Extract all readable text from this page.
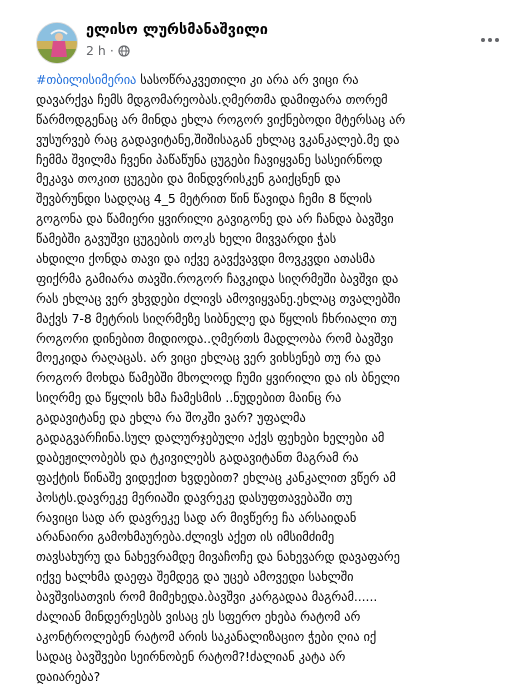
ელისო ლურსმანაშვილი
2 h ·
#თბილისიმერია სასოწრაკვეთილი კი არა არ ვიცი რა
დავარქვა ჩემს მდგომარეობას.ღმერთმა დამიფარა თორემ
წარმოდგენაც არ მინდა ეხლა როგორ ვიქნებოდი მტერსაც არ
ვუსურვებ რაც გადავიტანე,შიშისაგან ეხლაც ვკანკალებ.მე და
ჩემმა შვილმა ჩვენი პაწაწუნა ცუგები ჩავიყვანე სასეირნოდ
მეკავა თოკით ცუგები და მინდვრისკენ გაიქცნენ და
შევბრუნდი სადღაც 4_5 მეტრით წინ წავიდა ჩემი 8 წლის
გოგონა და წამიერი ყვირილი გავიგონე და არ ჩანდა ბავშვი
წამებში გავუშვი ცუგების თოკს ხელი მივვარდი ჭას
ახდილი ქონდა თავი და იქვე გავქვავდი მოვკვდი ათასმა
ფიქრმა გამიარა თავში.როგორ ჩავკიდა სიღრმეში ბავშვი და
რას ეხლაც ვერ ვხვდები ძლივს ამოვიყვანე.ეხლაც თვალებში
მაქვს 7-8 მეტრის სიღრმეზე სიბნელე და წყლის ჩხრიალი თუ
როგორი დინებით მიდიოდა..ღმერთს მადლობა რომ ბავშვი
მოეკიდა რაღაცას. არ ვიცი ეხლაც ვერ ვიხსენებ თუ რა და
როგორ მოხდა წამებში მხოლოდ ჩუმი ყვირილი და ის ბნელი
სიღრმე და წყლის ხმა ჩამესმის ..ნუდებით მაინც რა
გადავიტანე და ეხლა რა შოკში ვარ? უფალმა
გადაგვარჩინა.სულ დალურჯებული აქვს ფეხები ხელები ამ
დაბეჟილობებს და ტკივილებს გადავიტანთ მაგრამ რა
ფაქტის წინაშე ვიდექით ხვდებით? ეხლაც კანკალით ვწერ ამ
პოსტს.დავრეკე მერიაში დავრეკე დასუფთავებაში თუ
რავიცი სად არ დავრეკე სად არ მივწერე ჩა არსაიდან
არანაირი გამოხმაურება.ძლივს აქეთ ის იმსიმძიმე
თავსახურუ და ნახევრამდე მივაჩოჩე და ნახევარდ დავაფარე
იქვე ხალხმა დაეფა შემდეგ და უცებ ამოვედი სახლში
ბავშვისათვის რომ მიმეხედა.ბავშვი კარგადაა მაგრამ......
ძალიან მინდერესებს ვისაც ეს სფერო ეხება რატომ არ
აკონტროლებენ რატომ არის საკანალიზაციო ჭები ღია იქ
სადაც ბავშვები სეირნობენ რატომ?!ძალიან კატა არ
დაიარება?
